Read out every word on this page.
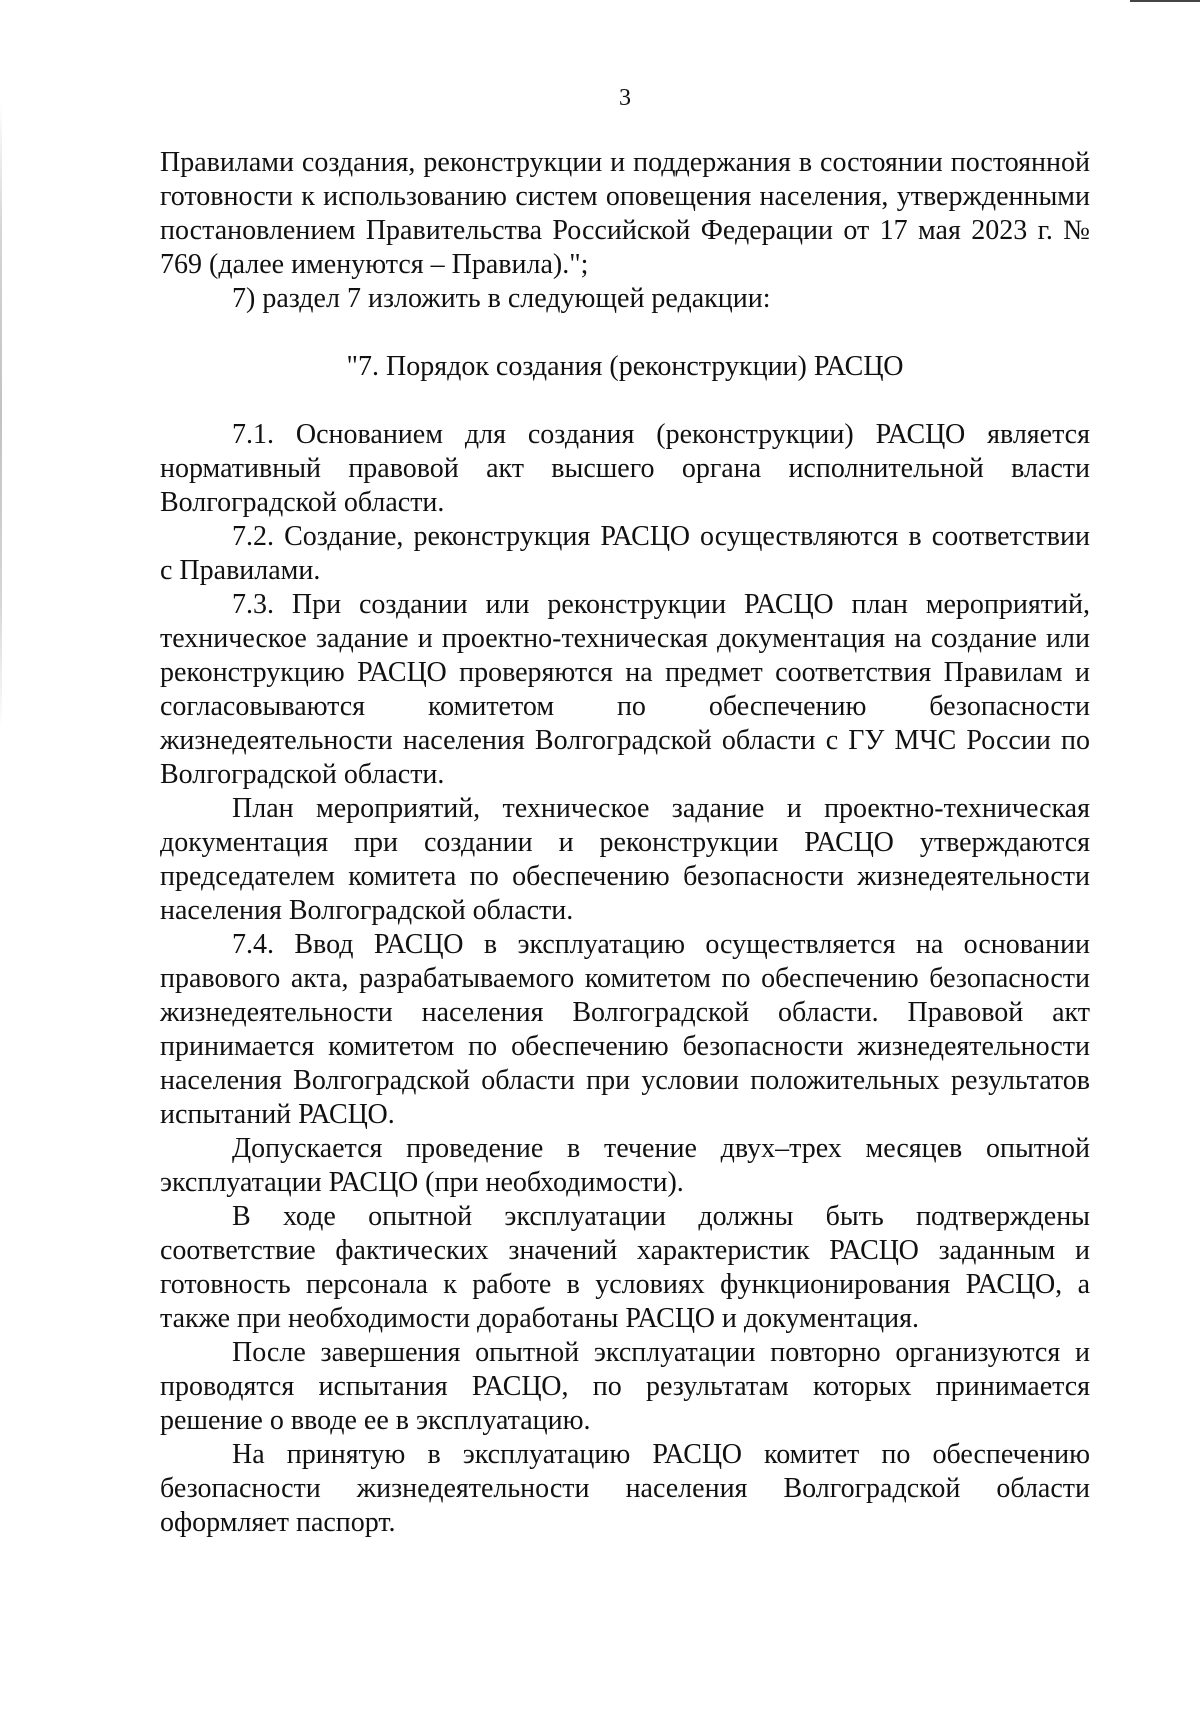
3

Правилами создания, реконструкции и поддержания в состоянии постоянной готовности к использованию систем оповещения населения, утвержденными постановлением Правительства Российской Федерации от 17 мая 2023 г. № 769 (далее именуются – Правила).";

7) раздел 7 изложить в следующей редакции:

"7. Порядок создания (реконструкции) РАСЦО

7.1. Основанием для создания (реконструкции) РАСЦО является нормативный правовой акт высшего органа исполнительной власти Волгоградской области.

7.2. Создание, реконструкция РАСЦО осуществляются в соответствии с Правилами.

7.3. При создании или реконструкции РАСЦО план мероприятий, техническое задание и проектно-техническая документация на создание или реконструкцию РАСЦО проверяются на предмет соответствия Правилам и согласовываются комитетом по обеспечению безопасности жизнедеятельности населения Волгоградской области с ГУ МЧС России по Волгоградской области.

План мероприятий, техническое задание и проектно-техническая документация при создании и реконструкции РАСЦО утверждаются председателем комитета по обеспечению безопасности жизнедеятельности населения Волгоградской области.

7.4. Ввод РАСЦО в эксплуатацию осуществляется на основании правового акта, разрабатываемого комитетом по обеспечению безопасности жизнедеятельности населения Волгоградской области. Правовой акт принимается комитетом по обеспечению безопасности жизнедеятельности населения Волгоградской области при условии положительных результатов испытаний РАСЦО.

Допускается проведение в течение двух–трех месяцев опытной эксплуатации РАСЦО (при необходимости).

В ходе опытной эксплуатации должны быть подтверждены соответствие фактических значений характеристик РАСЦО заданным и готовность персонала к работе в условиях функционирования РАСЦО, а также при необходимости доработаны РАСЦО и документация.

После завершения опытной эксплуатации повторно организуются и проводятся испытания РАСЦО, по результатам которых принимается решение о вводе ее в эксплуатацию.

На принятую в эксплуатацию РАСЦО комитет по обеспечению безопасности жизнедеятельности населения Волгоградской области оформляет паспорт.
